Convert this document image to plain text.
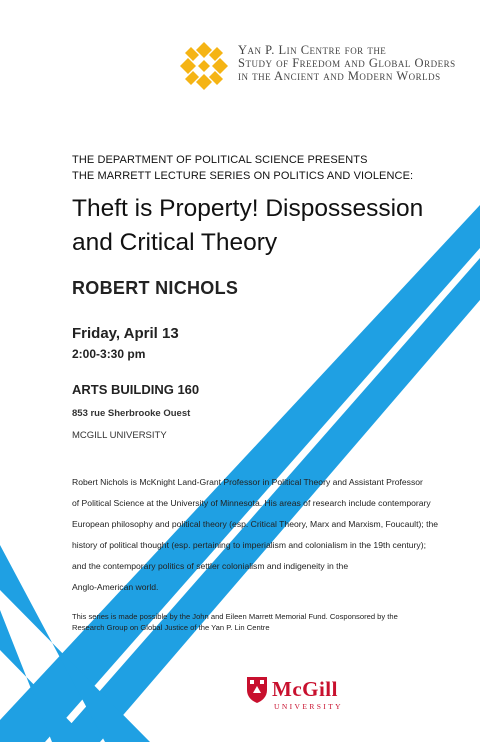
Yan P. Lin Centre for the
Study of Freedom and Global Orders
in the Ancient and Modern Worlds
THE DEPARTMENT OF POLITICAL SCIENCE PRESENTS
THE MARRETT LECTURE SERIES ON POLITICS AND VIOLENCE:
Theft is Property! Dispossession
and Critical Theory
ROBERT NICHOLS
Friday, April 13
2:00-3:30 pm
ARTS BUILDING 160
853 rue Sherbrooke Ouest
MCGILL UNIVERSITY
Robert Nichols is McKnight Land-Grant Professor in Political Theory and Assistant Professor
of Political Science at the University of Minnesota. His areas of research include contemporary
European philosophy and political theory (esp. Critical Theory, Marx and Marxism, Foucault); the
history of political thought (esp. pertaining to imperialism and colonialism in the 19th century);
and the contemporary politics of settler colonialism and indigeneity in the
Anglo-American world.
This series is made possible by the John and Eileen Marrett Memorial Fund. Cosponsored by the
Research Group on Global Justice of the Yan P. Lin Centre
McGill
UNIVERSITY
